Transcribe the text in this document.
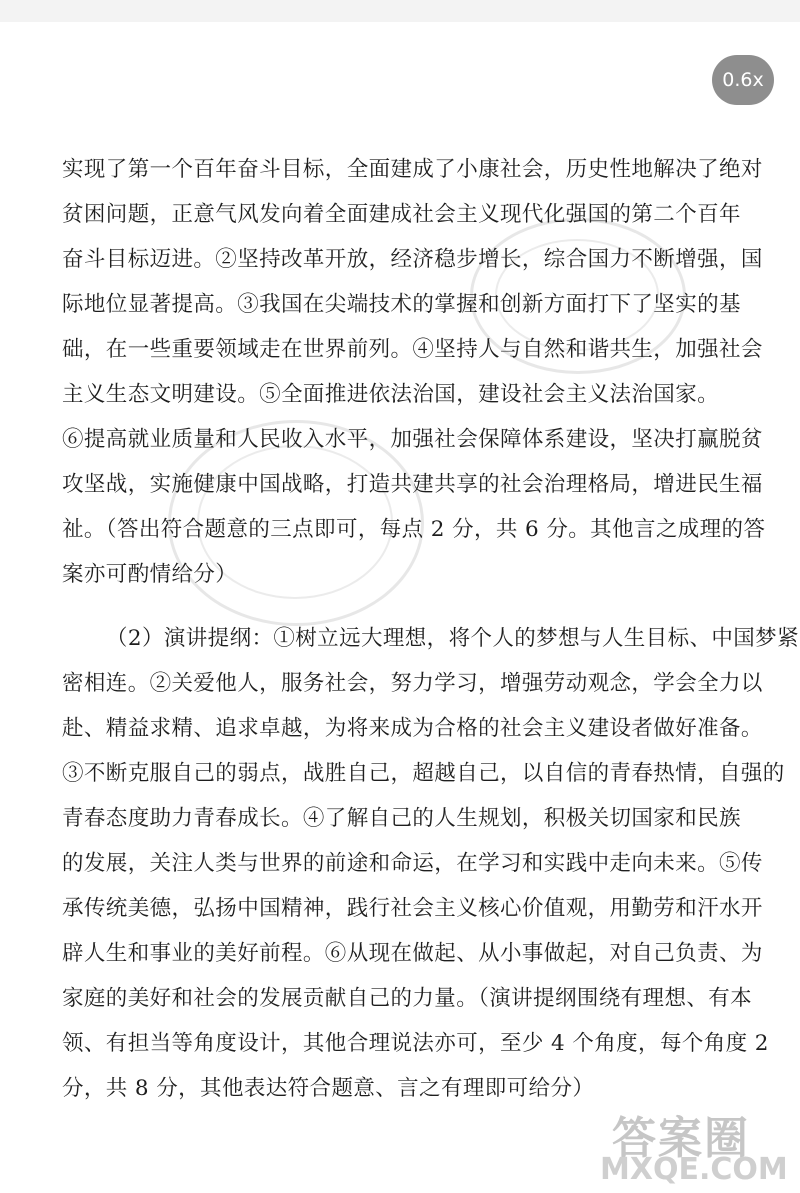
0.6x
实现了第一个百年奋斗目标，全面建成了小康社会，历史性地解决了绝对
贫困问题，正意气风发向着全面建成社会主义现代化强国的第二个百年
奋斗目标迈进。②坚持改革开放，经济稳步增长，综合国力不断增强，国
际地位显著提高。③我国在尖端技术的掌握和创新方面打下了坚实的基
础，在一些重要领域走在世界前列。④坚持人与自然和谐共生，加强社会
主义生态文明建设。⑤全面推进依法治国，建设社会主义法治国家。
⑥提高就业质量和人民收入水平，加强社会保障体系建设，坚决打赢脱贫
攻坚战，实施健康中国战略，打造共建共享的社会治理格局，增进民生福
祉。（答出符合题意的三点即可，每点 2 分，共 6 分。其他言之成理的答
案亦可酌情给分）
（2）演讲提纲：①树立远大理想，将个人的梦想与人生目标、中国梦紧
密相连。②关爱他人，服务社会，努力学习，增强劳动观念，学会全力以
赴、精益求精、追求卓越，为将来成为合格的社会主义建设者做好准备。
③不断克服自己的弱点，战胜自己，超越自己，以自信的青春热情，自强的
青春态度助力青春成长。④了解自己的人生规划，积极关切国家和民族
的发展，关注人类与世界的前途和命运，在学习和实践中走向未来。⑤传
承传统美德，弘扬中国精神，践行社会主义核心价值观，用勤劳和汗水开
辟人生和事业的美好前程。⑥从现在做起、从小事做起，对自己负责、为
家庭的美好和社会的发展贡献自己的力量。（演讲提纲围绕有理想、有本
领、有担当等角度设计，其他合理说法亦可，至少 4 个角度，每个角度 2
分，共 8 分，其他表达符合题意、言之有理即可给分）
答案圈
MXQE.COM
